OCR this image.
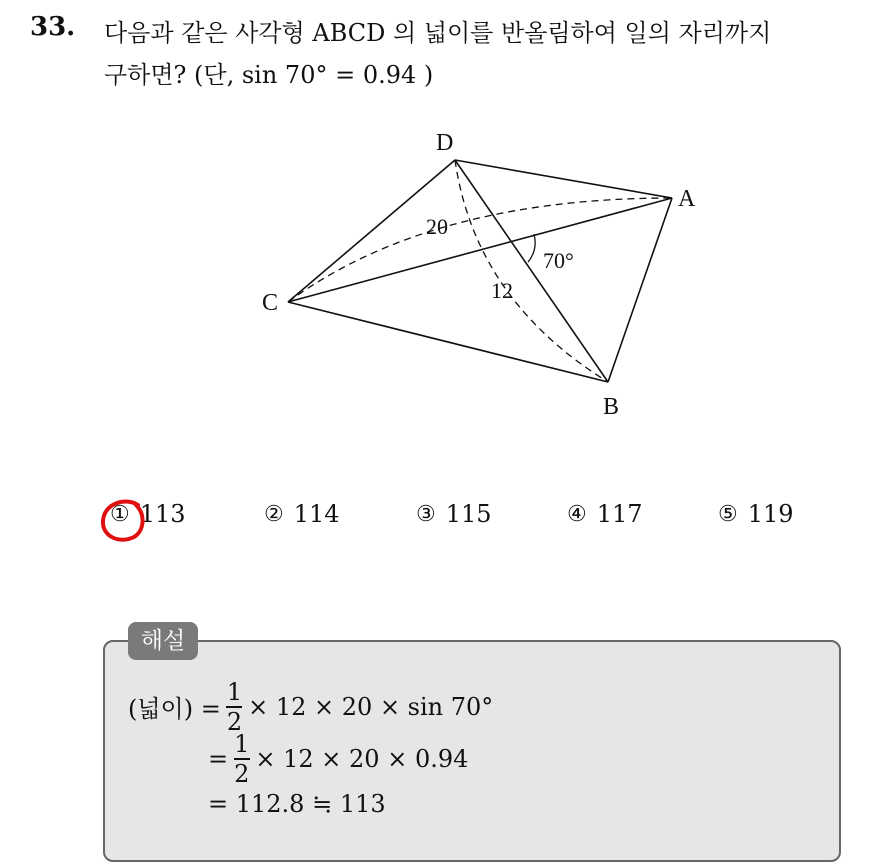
33. 다음과 같은 사각형 ABCD 의 넓이를 반올림하여 일의 자리까지
구하면? (단, sin 70° = 0.94 )
D
A
C
B
20
12
70°
① 113	② 114	③ 115	④ 117	⑤ 119
해설
(넓이) = $\frac{1}{2} \times 12 \times 20 \times \sin 70^\circ$
= $\frac{1}{2} \times 12 \times 20 \times 0.94$
= 112.8 ≒ 113
